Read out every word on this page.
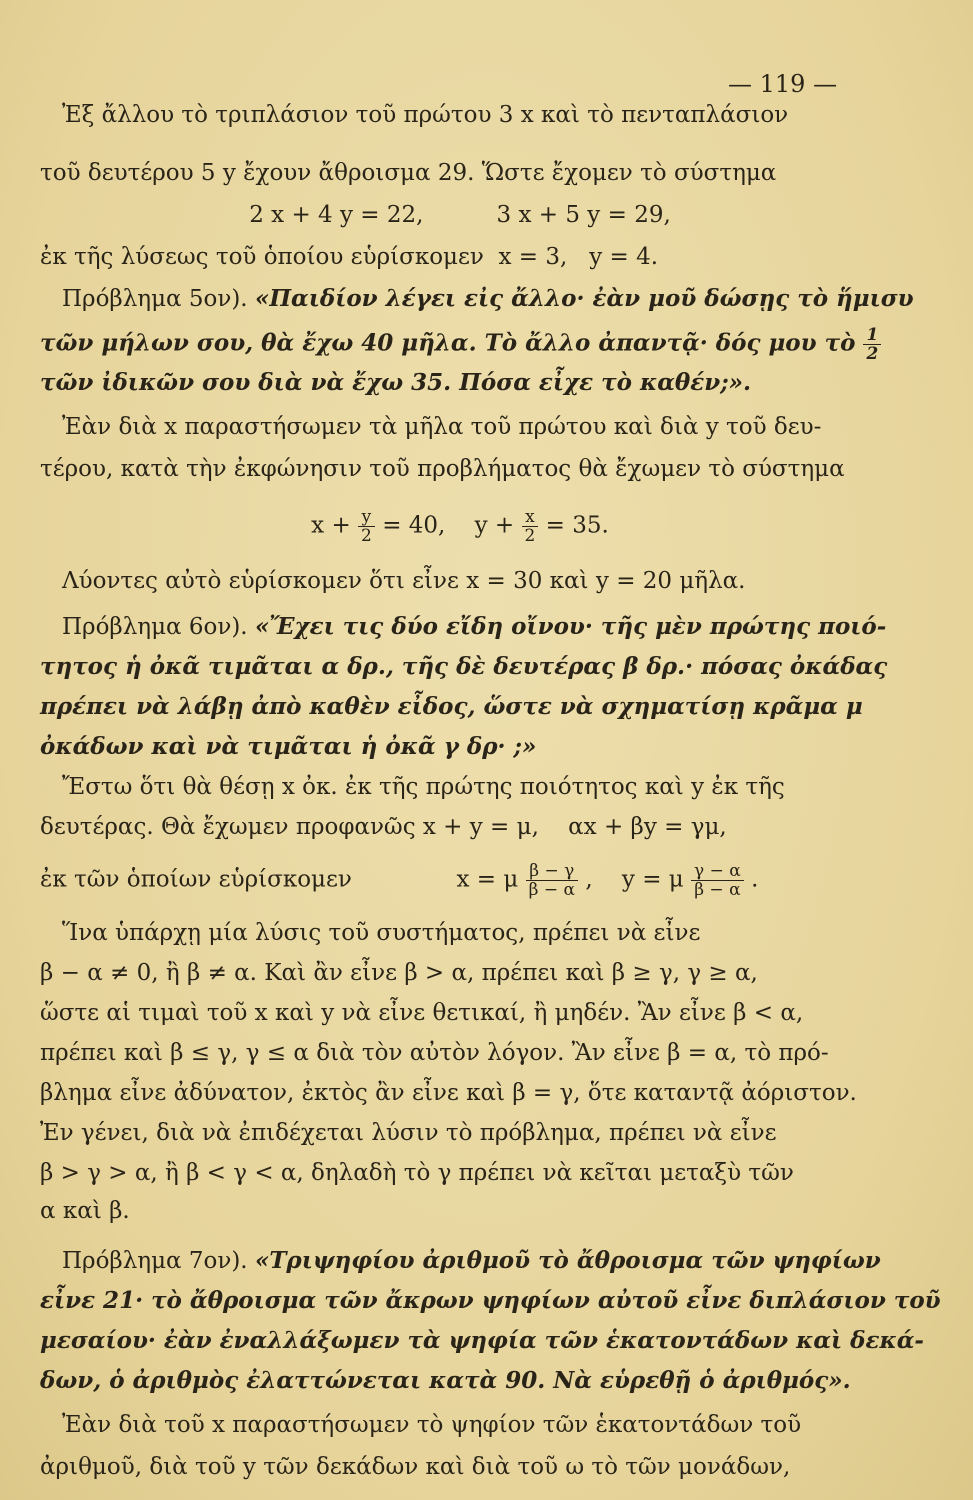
— 119 —
Ἐξ ἄλλου τὸ τριπλάσιον τοῦ πρώτου 3 x καὶ τὸ πενταπλάσιον
τοῦ δευτέρου 5 y ἔχουν ἄθροισμα 29. Ὥστε ἔχομεν τὸ σύστημα
2 x + 4 y = 22,          3 x + 5 y = 29,
ἐκ τῆς λύσεως τοῦ ὁποίου εὑρίσκομεν  x = 3,   y = 4.
Πρόβλημα 5ον). «Παιδίον λέγει εἰς ἄλλο· ἐὰν μοῦ δώσῃς τὸ ἥμισυ
τῶν μήλων σου, θὰ ἔχω 40 μῆλα. Τὸ ἄλλο ἀπαντᾷ· δός μου τὸ $\frac{1}{2}$
τῶν ἰδικῶν σου διὰ νὰ ἔχω 35. Πόσα εἶχε τὸ καθέν;».
Ἐὰν διὰ x παραστήσωμεν τὰ μῆλα τοῦ πρώτου καὶ διὰ y τοῦ δευ-
τέρου, κατὰ τὴν ἐκφώνησιν τοῦ προβλήματος θὰ ἔχωμεν τὸ σύστημα
$x + \frac{y}{2} = 40$, $y + \frac{x}{2} = 35$.
Λύοντες αὐτὸ εὑρίσκομεν ὅτι εἶνε x = 30 καὶ y = 20 μῆλα.
Πρόβλημα 6ον). «Ἔχει τις δύο εἴδη οἴνου· τῆς μὲν πρώτης ποιό-
τητος ἡ ὀκᾶ τιμᾶται α δρ., τῆς δὲ δευτέρας β δρ.· πόσας ὀκάδας
πρέπει νὰ λάβῃ ἀπὸ καθὲν εἶδος, ὥστε νὰ σχηματίσῃ κρᾶμα μ
ὀκάδων καὶ νὰ τιμᾶται ἡ ὀκᾶ γ δρ· ;»
Ἔστω ὅτι θὰ θέσῃ x ὀκ. ἐκ τῆς πρώτης ποιότητος καὶ y ἐκ τῆς
δευτέρας. Θὰ ἔχωμεν προφανῶς x + y = μ,    αx + βy = γμ,
ἐκ τῶν ὁποίων εὑρίσκομεν	x = μ $\frac{\beta - \gamma}{\beta - \alpha}$ , y = μ $\frac{\gamma - \alpha}{\beta - \alpha}$ .
Ἵνα ὑπάρχῃ μία λύσις τοῦ συστήματος, πρέπει νὰ εἶνε
β − α ≠ 0, ἢ β ≠ α. Καὶ ἂν εἶνε β > α, πρέπει καὶ β ≥ γ, γ ≥ α,
ὥστε αἱ τιμαὶ τοῦ x καὶ y νὰ εἶνε θετικαί, ἢ μηδέν. Ἂν εἶνε β < α,
πρέπει καὶ β ≤ γ, γ ≤ α διὰ τὸν αὐτὸν λόγον. Ἂν εἶνε β = α, τὸ πρό-
βλημα εἶνε ἀδύνατον, ἐκτὸς ἂν εἶνε καὶ β = γ, ὅτε καταντᾷ ἀόριστον.
Ἐν γένει, διὰ νὰ ἐπιδέχεται λύσιν τὸ πρόβλημα, πρέπει νὰ εἶνε
β > γ > α, ἢ β < γ < α, δηλαδὴ τὸ γ πρέπει νὰ κεῖται μεταξὺ τῶν
α καὶ β.
Πρόβλημα 7ον). «Τριψηφίου ἀριθμοῦ τὸ ἄθροισμα τῶν ψηφίων
εἶνε 21· τὸ ἄθροισμα τῶν ἄκρων ψηφίων αὐτοῦ εἶνε διπλάσιον τοῦ
μεσαίου· ἐὰν ἐναλλάξωμεν τὰ ψηφία τῶν ἑκατοντάδων καὶ δεκά-
δων, ὁ ἀριθμὸς ἐλαττώνεται κατὰ 90. Νὰ εὑρεθῇ ὁ ἀριθμός».
Ἐὰν διὰ τοῦ x παραστήσωμεν τὸ ψηφίον τῶν ἑκατοντάδων τοῦ
ἀριθμοῦ, διὰ τοῦ y τῶν δεκάδων καὶ διὰ τοῦ ω τὸ τῶν μονάδων,
